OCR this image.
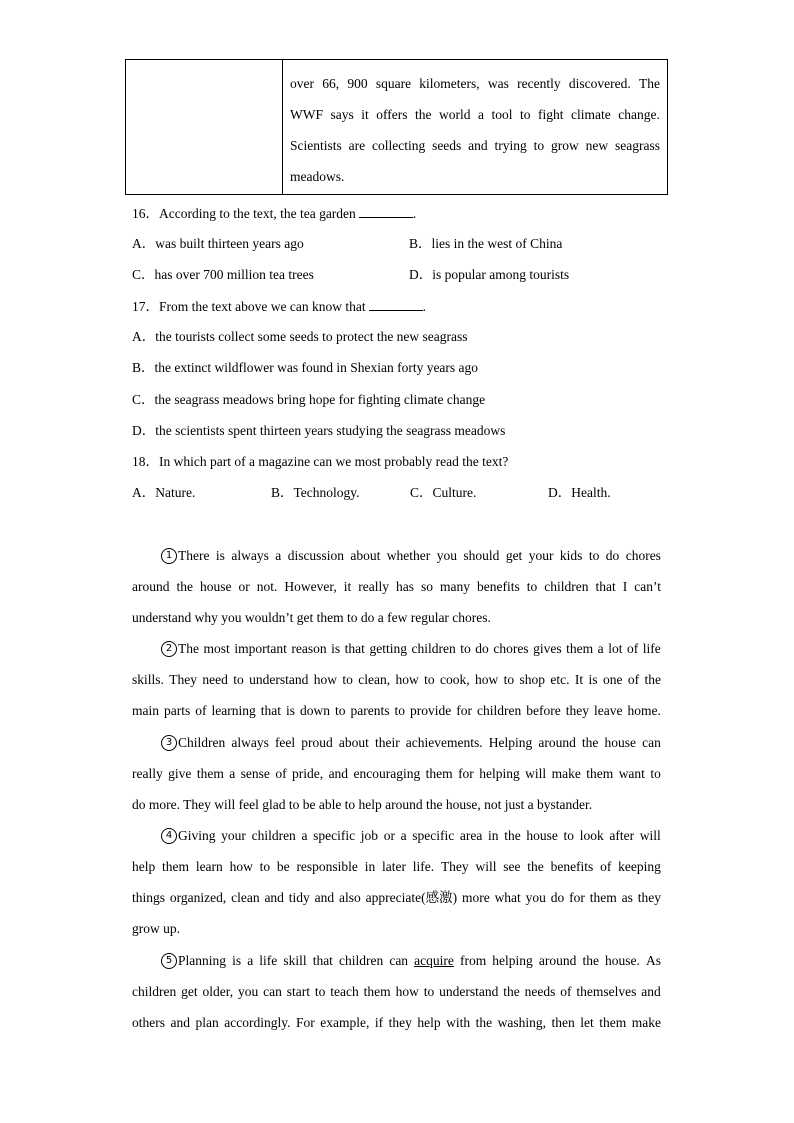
over 66, 900 square kilometers, was recently discovered. The
WWF says it offers the world a tool to fight climate change.
Scientists are collecting seeds and trying to grow new seagrass
meadows.
16．According to the text, the tea garden	.
A．was built thirteen years ago	B．lies in the west of China
C．has over 700 million tea trees	D．is popular among tourists
17．From the text above we can know that	.
A．the tourists collect some seeds to protect the new seagrass
B．the extinct wildflower was found in Shexian forty years ago
C．the seagrass meadows bring hope for fighting climate change
D．the scientists spent thirteen years studying the seagrass meadows
18．In which part of a magazine can we most probably read the text?
A．Nature.	B．Technology.	C．Culture.	D．Health.
1 There is always a discussion about whether you should get your kids to do chores
around the house or not. However, it really has so many benefits to children that I can’t
understand why you wouldn’t get them to do a few regular chores.
2 The most important reason is that getting children to do chores gives them a lot of life
skills. They need to understand how to clean, how to cook, how to shop etc. It is one of the
main parts of learning that is down to parents to provide for children before they leave home.
3 Children always feel proud about their achievements. Helping around the house can
really give them a sense of pride, and encouraging them for helping will make them want to
do more. They will feel glad to be able to help around the house, not just a bystander.
4 Giving your children a specific job or a specific area in the house to look after will
help them learn how to be responsible in later life. They will see the benefits of keeping
things organized, clean and tidy and also appreciate(感激) more what you do for them as they
grow up.
5 Planning is a life skill that children can acquire from helping around the house. As
children get older, you can start to teach them how to understand the needs of themselves and
others and plan accordingly. For example, if they help with the washing, then let them make
